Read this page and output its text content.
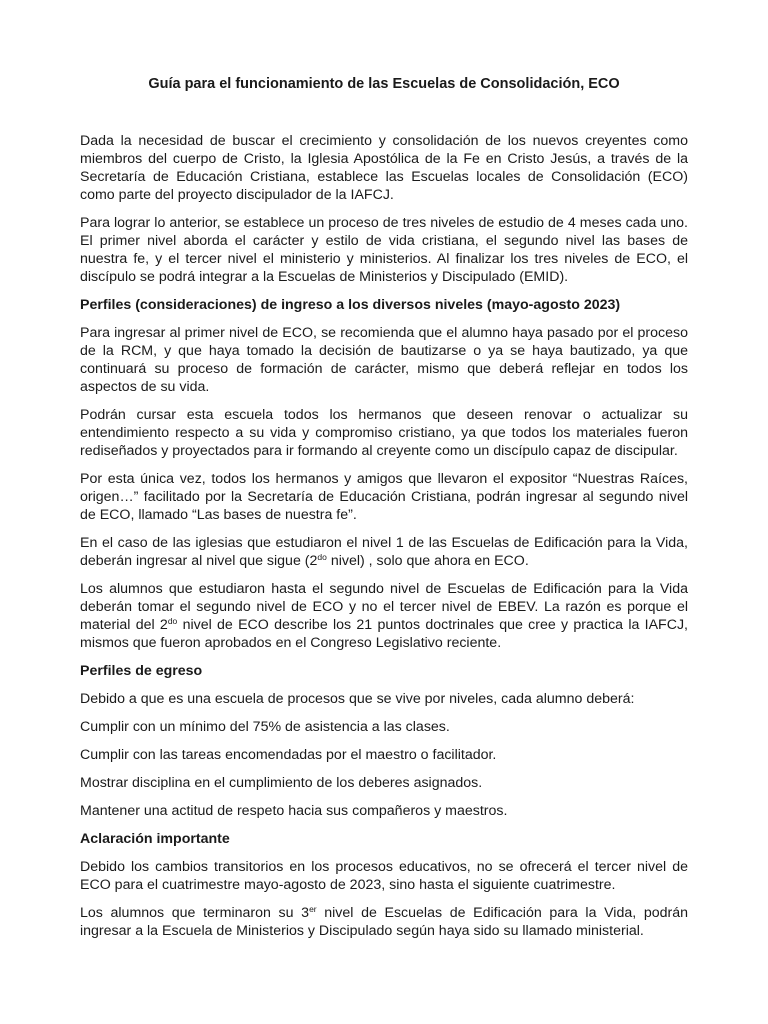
Guía para el funcionamiento de las Escuelas de Consolidación, ECO

Dada la necesidad de buscar el crecimiento y consolidación de los nuevos creyentes como miembros del cuerpo de Cristo, la Iglesia Apostólica de la Fe en Cristo Jesús, a través de la Secretaría de Educación Cristiana, establece las Escuelas locales de Consolidación (ECO) como parte del proyecto discipulador de la IAFCJ.

Para lograr lo anterior, se establece un proceso de tres niveles de estudio de 4 meses cada uno. El primer nivel aborda el carácter y estilo de vida cristiana, el segundo nivel las bases de nuestra fe, y el tercer nivel el ministerio y ministerios. Al finalizar los tres niveles de ECO, el discípulo se podrá integrar a la Escuelas de Ministerios y Discipulado (EMID).

Perfiles (consideraciones) de ingreso a los diversos niveles (mayo-agosto 2023)

Para ingresar al primer nivel de ECO, se recomienda que el alumno haya pasado por el proceso de la RCM, y que haya tomado la decisión de bautizarse o ya se haya bautizado, ya que continuará su proceso de formación de carácter, mismo que deberá reflejar en todos los aspectos de su vida.

Podrán cursar esta escuela todos los hermanos que deseen renovar o actualizar su entendimiento respecto a su vida y compromiso cristiano, ya que todos los materiales fueron rediseñados y proyectados para ir formando al creyente como un discípulo capaz de discipular.

Por esta única vez, todos los hermanos y amigos que llevaron el expositor “Nuestras Raíces, origen…” facilitado por la Secretaría de Educación Cristiana, podrán ingresar al segundo nivel de ECO, llamado “Las bases de nuestra fe”.

En el caso de las iglesias que estudiaron el nivel 1 de las Escuelas de Edificación para la Vida, deberán ingresar al nivel que sigue ($2^{do}$ nivel) , solo que ahora en ECO.

Los alumnos que estudiaron hasta el segundo nivel de Escuelas de Edificación para la Vida deberán tomar el segundo nivel de ECO y no el tercer nivel de EBEV. La razón es porque el material del $2^{do}$ nivel de ECO describe los 21 puntos doctrinales que cree y practica la IAFCJ, mismos que fueron aprobados en el Congreso Legislativo reciente.

Perfiles de egreso

Debido a que es una escuela de procesos que se vive por niveles, cada alumno deberá:

Cumplir con un mínimo del 75% de asistencia a las clases.

Cumplir con las tareas encomendadas por el maestro o facilitador.

Mostrar disciplina en el cumplimiento de los deberes asignados.

Mantener una actitud de respeto hacia sus compañeros y maestros.

Aclaración importante

Debido los cambios transitorios en los procesos educativos, no se ofrecerá el tercer nivel de ECO para el cuatrimestre mayo-agosto de 2023, sino hasta el siguiente cuatrimestre.

Los alumnos que terminaron su 3er nivel de Escuelas de Edificación para la Vida, podrán ingresar a la Escuela de Ministerios y Discipulado según haya sido su llamado ministerial.
